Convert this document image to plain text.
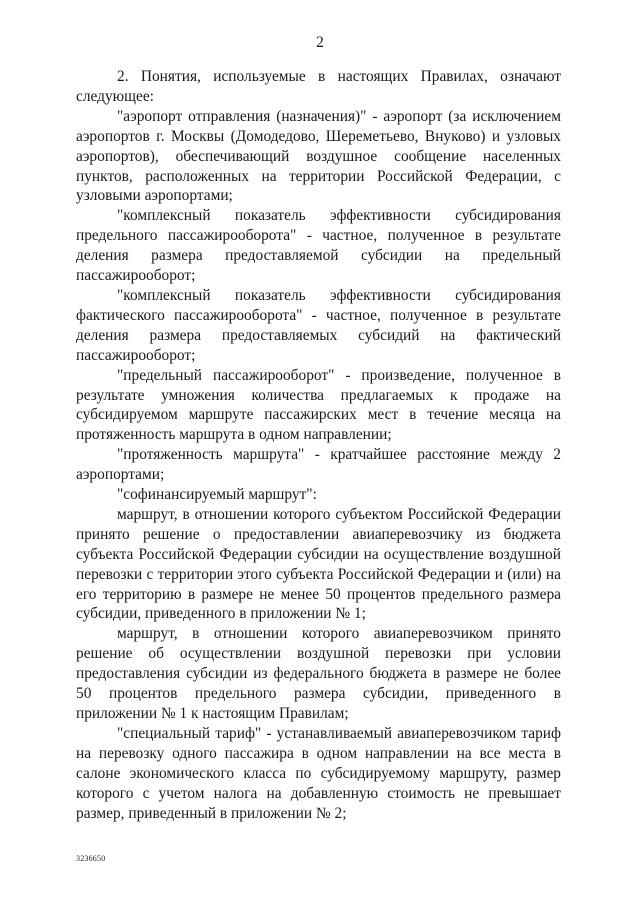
2

2. Понятия, используемые в настоящих Правилах, означают следующее:

"аэропорт отправления (назначения)" - аэропорт (за исключением аэропортов г. Москвы (Домодедово, Шереметьево, Внуково) и узловых аэропортов), обеспечивающий воздушное сообщение населенных пунктов, расположенных на территории Российской Федерации, с узловыми аэропортами;

"комплексный показатель эффективности субсидирования предельного пассажирооборота" - частное, полученное в результате деления размера предоставляемой субсидии на предельный пассажирооборот;

"комплексный показатель эффективности субсидирования фактического пассажирооборота" - частное, полученное в результате деления размера предоставляемых субсидий на фактический пассажирооборот;

"предельный пассажирооборот" - произведение, полученное в результате умножения количества предлагаемых к продаже на субсидируемом маршруте пассажирских мест в течение месяца на протяженность маршрута в одном направлении;

"протяженность маршрута" - кратчайшее расстояние между 2 аэропортами;

"софинансируемый маршрут":

маршрут, в отношении которого субъектом Российской Федерации принято решение о предоставлении авиаперевозчику из бюджета субъекта Российской Федерации субсидии на осуществление воздушной перевозки с территории этого субъекта Российской Федерации и (или) на его территорию в размере не менее 50 процентов предельного размера субсидии, приведенного в приложении № 1;

маршрут, в отношении которого авиаперевозчиком принято решение об осуществлении воздушной перевозки при условии предоставления субсидии из федерального бюджета в размере не более 50 процентов предельного размера субсидии, приведенного в приложении № 1 к настоящим Правилам;

"специальный тариф" - устанавливаемый авиаперевозчиком тариф на перевозку одного пассажира в одном направлении на все места в салоне экономического класса по субсидируемому маршруту, размер которого с учетом налога на добавленную стоимость не превышает размер, приведенный в приложении № 2;

3236650
